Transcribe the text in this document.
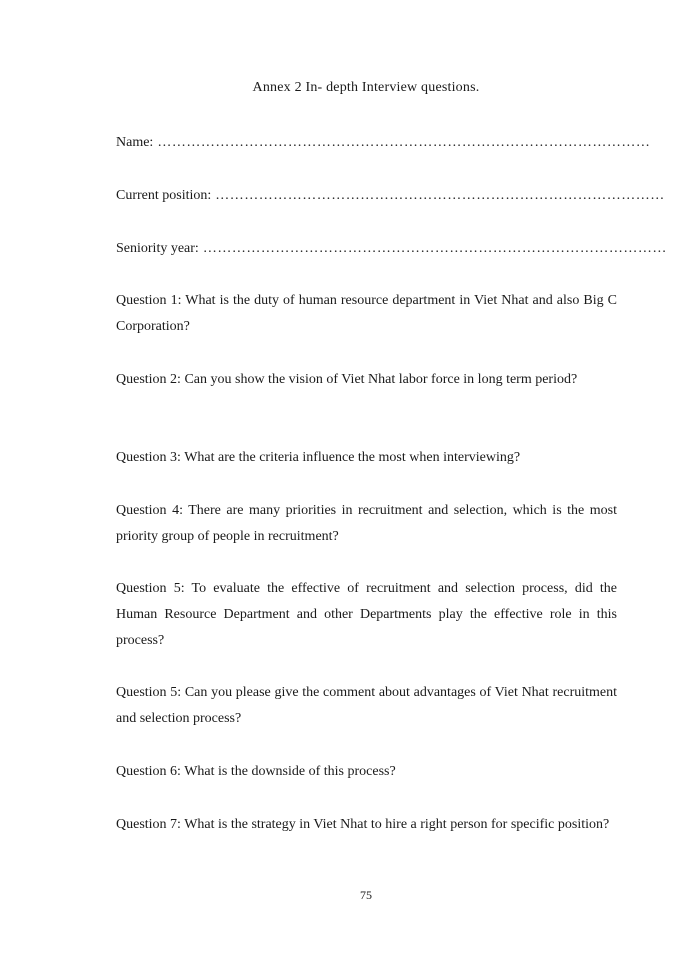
Annex 2 In- depth Interview questions.
Name: …………………………………………………………………………………………
Current position: …………………………………………………………………………………
Seniority year: ……………………………………………………………………………………
Question 1: What is the duty of human resource department in Viet Nhat and also Big C Corporation?
Question 2: Can you show the vision of Viet Nhat labor force in long term period?
Question 3: What are the criteria influence the most when interviewing?
Question 4: There are many priorities in recruitment and selection, which is the most priority group of people in recruitment?
Question 5: To evaluate the effective of recruitment and selection process, did the Human Resource Department and other Departments play the effective role in this process?
Question 5: Can you please give the comment about advantages of Viet Nhat recruitment and selection process?
Question 6: What is the downside of this process?
Question 7: What is the strategy in Viet Nhat to hire a right person for specific position?
75
